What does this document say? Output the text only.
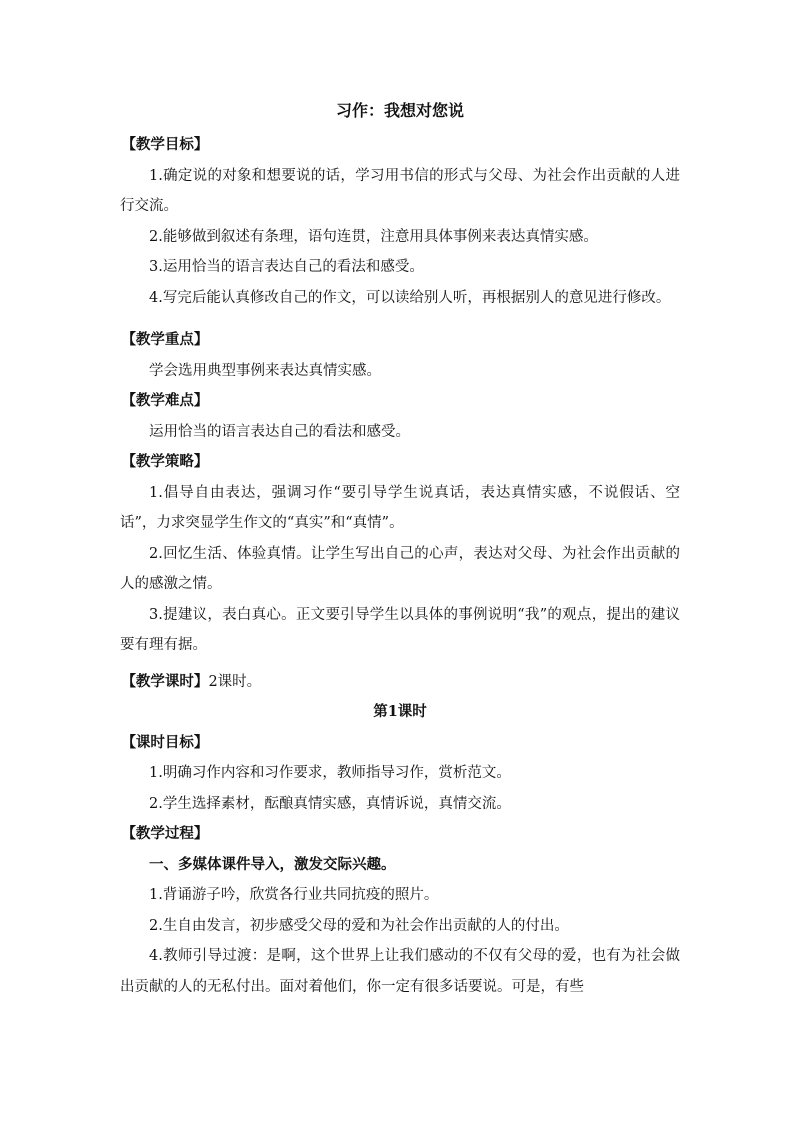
习作：我想对您说

【教学目标】

1.确定说的对象和想要说的话，学习用书信的形式与父母、为社会作出贡献的人进行交流。

2.能够做到叙述有条理，语句连贯，注意用具体事例来表达真情实感。

3.运用恰当的语言表达自己的看法和感受。

4.写完后能认真修改自己的作文，可以读给别人听，再根据别人的意见进行修改。

【教学重点】

学会选用典型事例来表达真情实感。

【教学难点】

运用恰当的语言表达自己的看法和感受。

【教学策略】

1.倡导自由表达，强调习作“要引导学生说真话，表达真情实感，不说假话、空话”，力求突显学生作文的“真实”和“真情”。

2.回忆生活、体验真情。让学生写出自己的心声，表达对父母、为社会作出贡献的人的感激之情。

3.提建议，表白真心。正文要引导学生以具体的事例说明“我”的观点，提出的建议要有理有据。

【教学课时】2课时。

第1课时

【课时目标】

1.明确习作内容和习作要求，教师指导习作，赏析范文。

2.学生选择素材，酝酿真情实感，真情诉说，真情交流。

【教学过程】

一、多媒体课件导入，激发交际兴趣。

1.背诵游子吟，欣赏各行业共同抗疫的照片。

2.生自由发言，初步感受父母的爱和为社会作出贡献的人的付出。

4.教师引导过渡：是啊，这个世界上让我们感动的不仅有父母的爱，也有为社会做出贡献的人的无私付出。面对着他们，你一定有很多话要说。可是，有些
